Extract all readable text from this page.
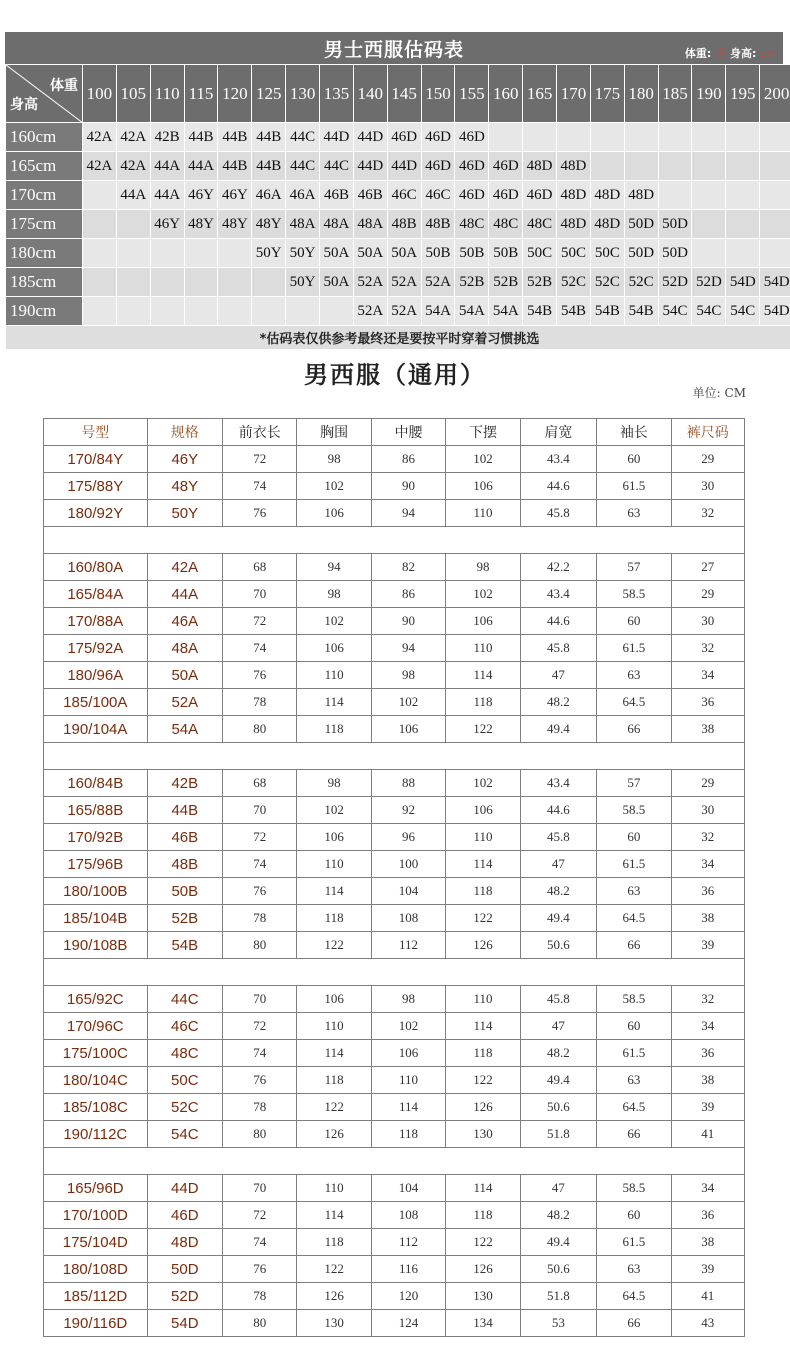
男士西服估码表	体重: 斤 身高: cm
体重
身高	100	105	110	115	120	125	130	135	140	145	150	155	160	165	170	175	180	185	190	195	200
160cm	42A	42A	42B	44B	44B	44B	44C	44D	44D	46D	46D	46D									
165cm	42A	42A	44A	44A	44B	44B	44C	44C	44D	44D	46D	46D	46D	48D	48D						
170cm		44A	44A	46Y	46Y	46A	46A	46B	46B	46C	46C	46D	46D	46D	48D	48D	48D				
175cm			46Y	48Y	48Y	48Y	48A	48A	48A	48B	48B	48C	48C	48C	48D	48D	50D	50D			
180cm						50Y	50Y	50A	50A	50A	50B	50B	50B	50C	50C	50C	50D	50D			
185cm							50Y	50A	52A	52A	52A	52B	52B	52B	52C	52C	52C	52D	52D	54D	54D
190cm									52A	52A	54A	54A	54A	54B	54B	54B	54B	54C	54C	54C	54D
*估码表仅供参考最终还是要按平时穿着习惯挑选																					
男西服（通用）
单位: CM
号型	规格	前衣长	胸围	中腰	下摆	肩宽	袖长	裤尺码
170/84Y	46Y	72	98	86	102	43.4	60	29
175/88Y	48Y	74	102	90	106	44.6	61.5	30
180/92Y	50Y	76	106	94	110	45.8	63	32

160/80A	42A	68	94	82	98	42.2	57	27
165/84A	44A	70	98	86	102	43.4	58.5	29
170/88A	46A	72	102	90	106	44.6	60	30
175/92A	48A	74	106	94	110	45.8	61.5	32
180/96A	50A	76	110	98	114	47	63	34
185/100A	52A	78	114	102	118	48.2	64.5	36
190/104A	54A	80	118	106	122	49.4	66	38

160/84B	42B	68	98	88	102	43.4	57	29
165/88B	44B	70	102	92	106	44.6	58.5	30
170/92B	46B	72	106	96	110	45.8	60	32
175/96B	48B	74	110	100	114	47	61.5	34
180/100B	50B	76	114	104	118	48.2	63	36
185/104B	52B	78	118	108	122	49.4	64.5	38
190/108B	54B	80	122	112	126	50.6	66	39

165/92C	44C	70	106	98	110	45.8	58.5	32
170/96C	46C	72	110	102	114	47	60	34
175/100C	48C	74	114	106	118	48.2	61.5	36
180/104C	50C	76	118	110	122	49.4	63	38
185/108C	52C	78	122	114	126	50.6	64.5	39
190/112C	54C	80	126	118	130	51.8	66	41

165/96D	44D	70	110	104	114	47	58.5	34
170/100D	46D	72	114	108	118	48.2	60	36
175/104D	48D	74	118	112	122	49.4	61.5	38
180/108D	50D	76	122	116	126	50.6	63	39
185/112D	52D	78	126	120	130	51.8	64.5	41
190/116D	54D	80	130	124	134	53	66	43
